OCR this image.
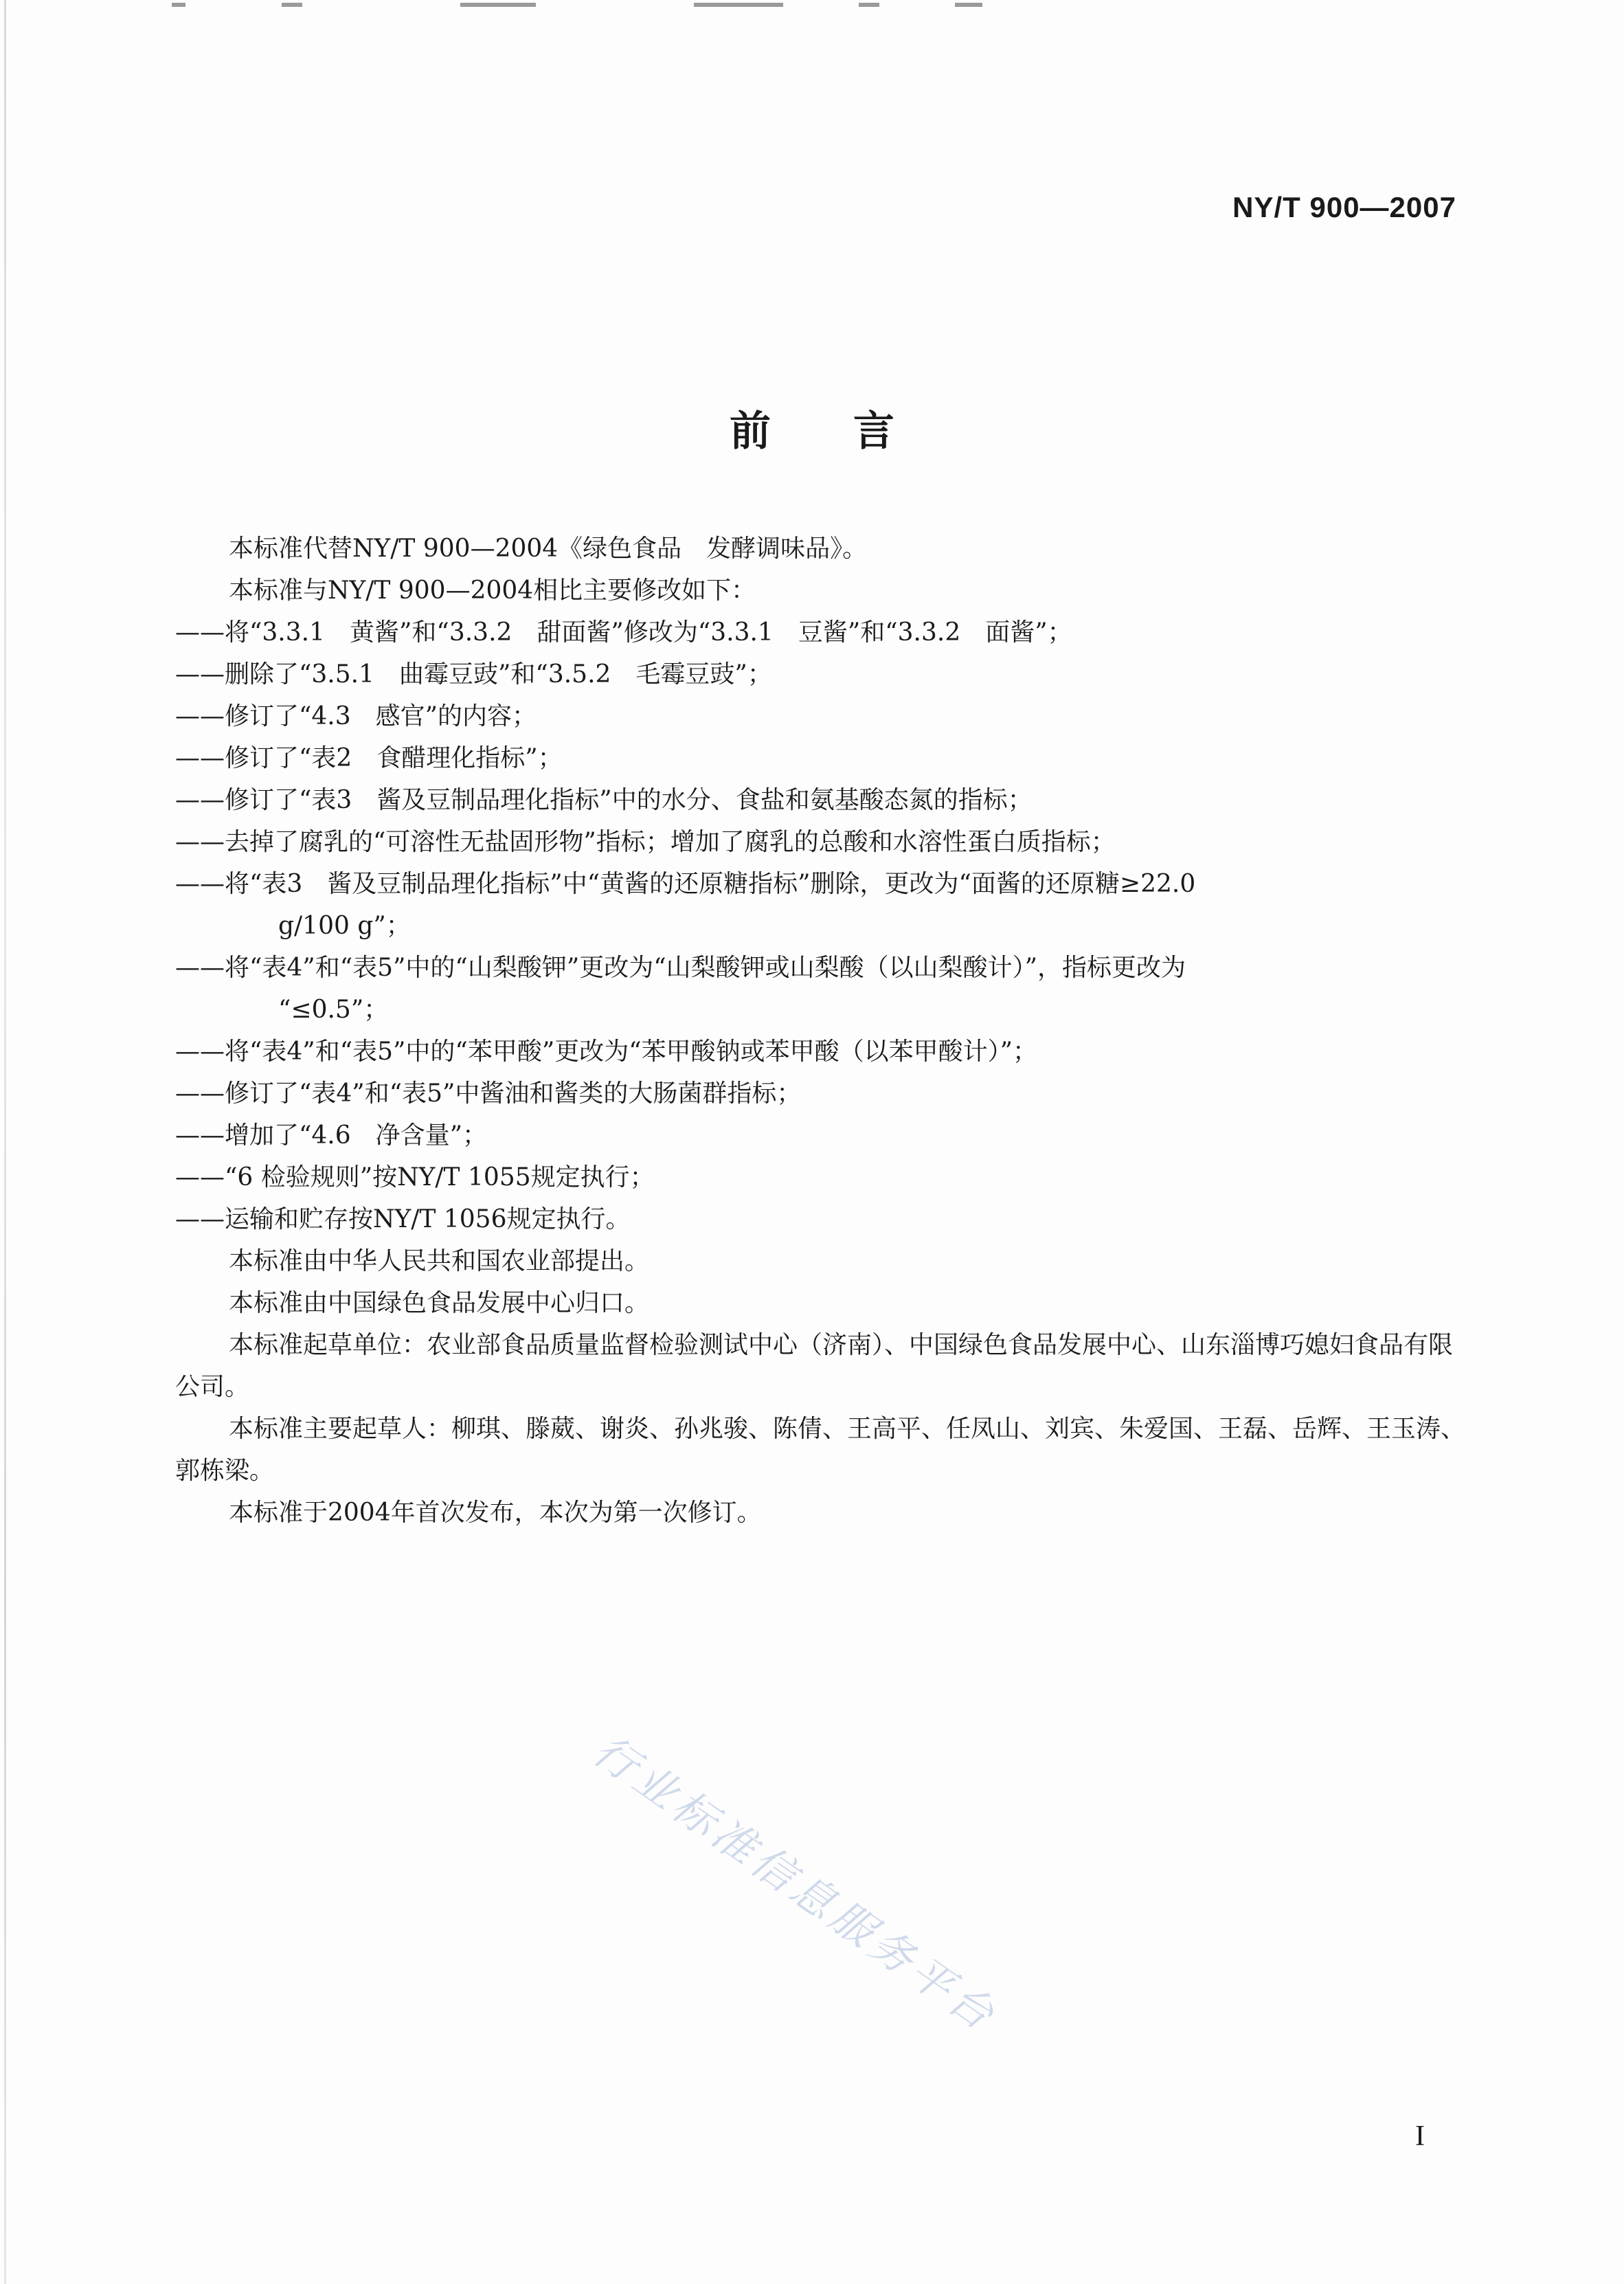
NY/T 900—2007
前言

本标准代替NY/T 900—2004《绿色食品　发酵调味品》。

本标准与NY/T 900—2004相比主要修改如下：

——将“3.3.1　黄酱”和“3.3.2　甜面酱”修改为“3.3.1　豆酱”和“3.3.2　面酱”；

——删除了“3.5.1　曲霉豆豉”和“3.5.2　毛霉豆豉”；

——修订了“4.3　感官”的内容；

——修订了“表2　食醋理化指标”；

——修订了“表3　酱及豆制品理化指标”中的水分、食盐和氨基酸态氮的指标；

——去掉了腐乳的“可溶性无盐固形物”指标；增加了腐乳的总酸和水溶性蛋白质指标；

——将“表3　酱及豆制品理化指标”中“黄酱的还原糖指标”删除，更改为“面酱的还原糖≥22.0
g/100 g”；

——将“表4”和“表5”中的“山梨酸钾”更改为“山梨酸钾或山梨酸（以山梨酸计）”，指标更改为
“≤0.5”；

——将“表4”和“表5”中的“苯甲酸”更改为“苯甲酸钠或苯甲酸（以苯甲酸计）”；

——修订了“表4”和“表5”中酱油和酱类的大肠菌群指标；

——增加了“4.6　净含量”；

——“6 检验规则”按NY/T 1055规定执行；

——运输和贮存按NY/T 1056规定执行。

本标准由中华人民共和国农业部提出。

本标准由中国绿色食品发展中心归口。

本标准起草单位：农业部食品质量监督检验测试中心（济南）、中国绿色食品发展中心、山东淄博巧媳妇食品有限公司。

本标准主要起草人：柳琪、滕葳、谢炎、孙兆骏、陈倩、王高平、任凤山、刘宾、朱爱国、王磊、岳辉、王玉涛、郭栋梁。

本标准于2004年首次发布，本次为第一次修订。

行业标准信息服务平台
I
